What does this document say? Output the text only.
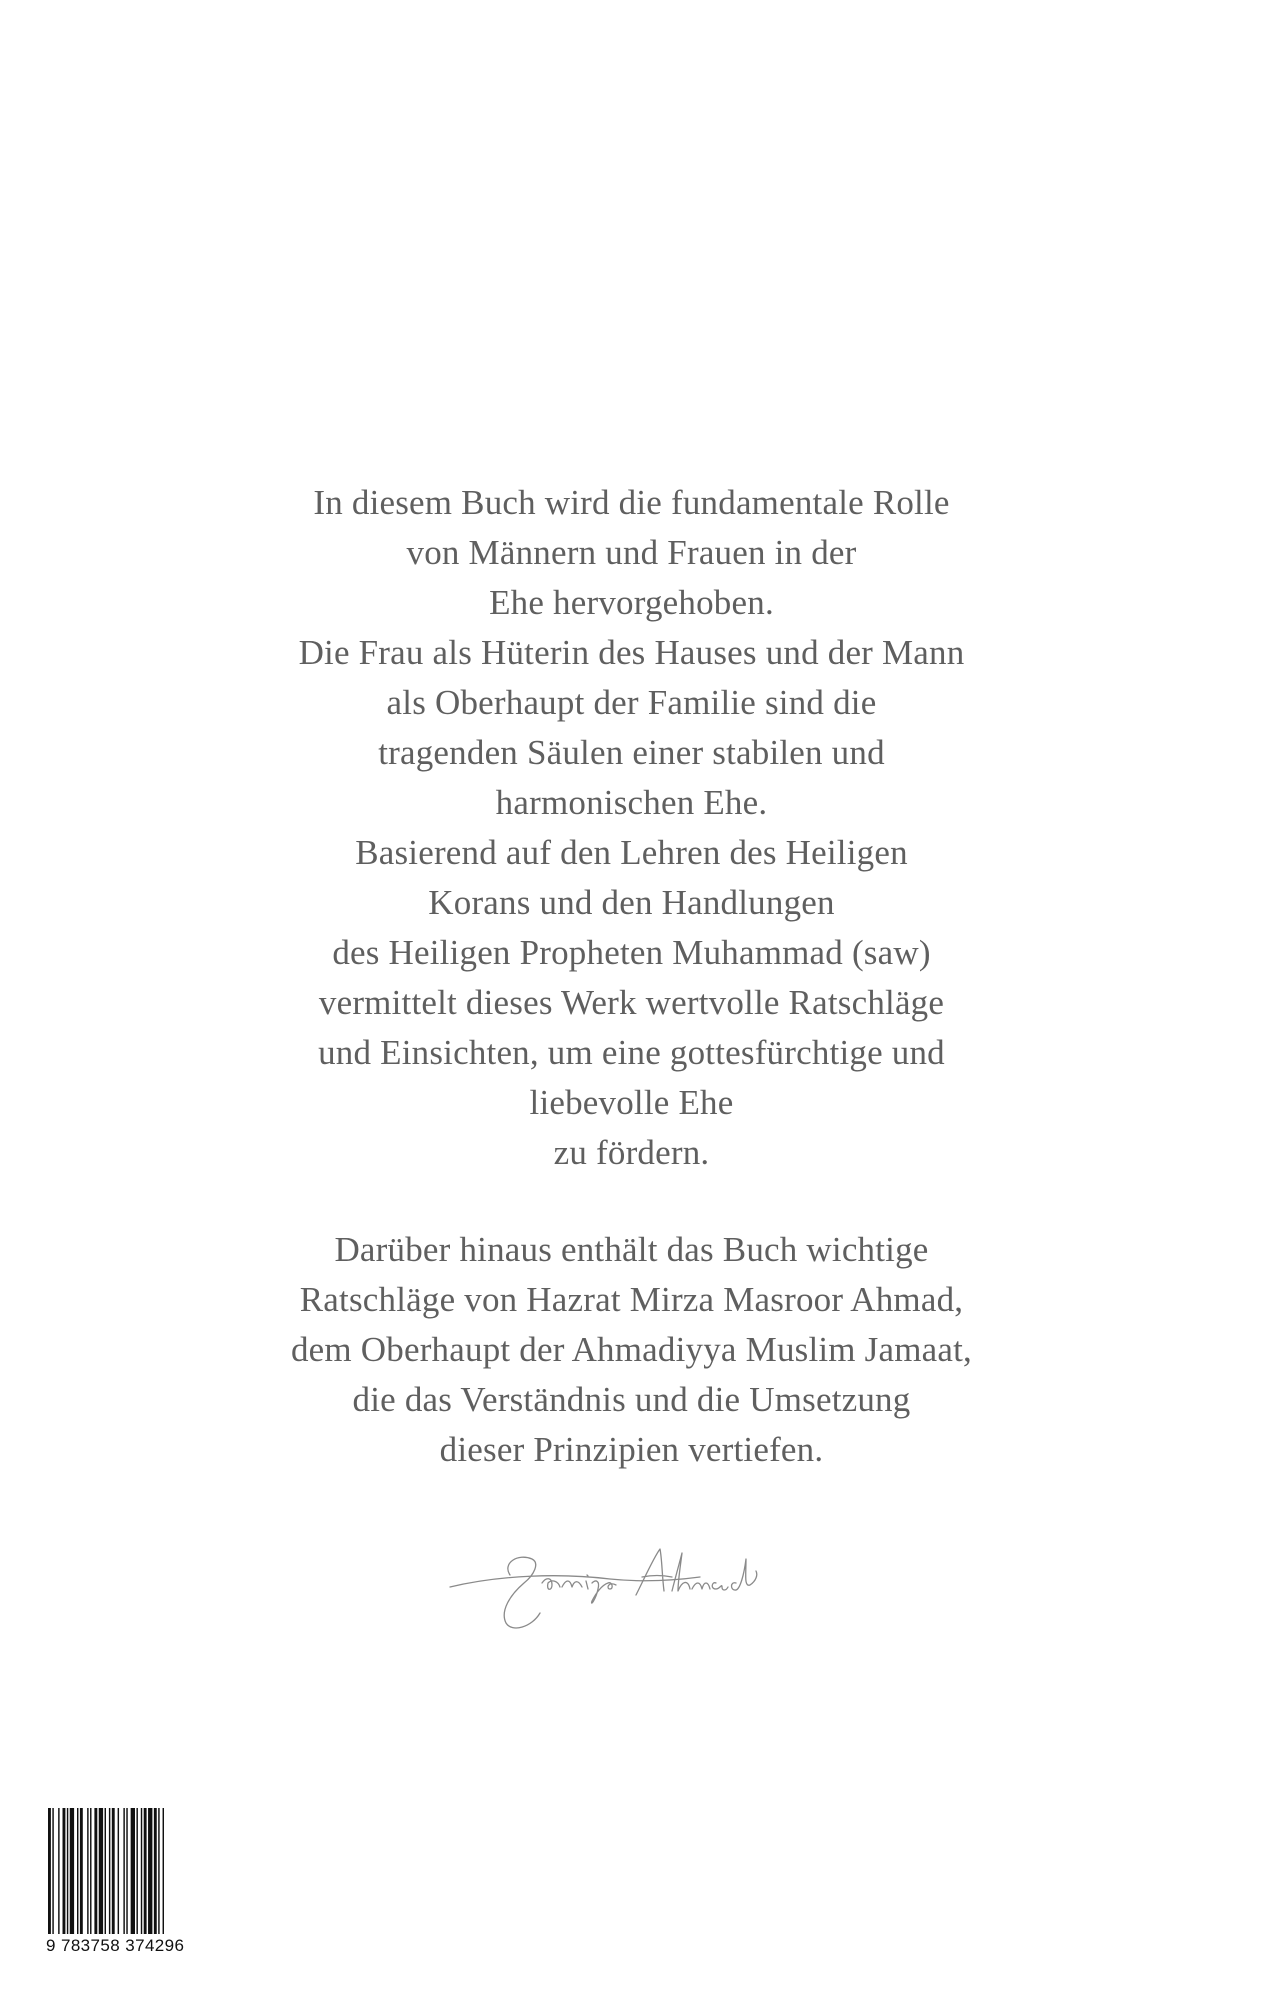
In diesem Buch wird die fundamentale Rolle
von Männern und Frauen in der
Ehe hervorgehoben.
Die Frau als Hüterin des Hauses und der Mann
als Oberhaupt der Familie sind die
tragenden Säulen einer stabilen und
harmonischen Ehe.
Basierend auf den Lehren des Heiligen
Korans und den Handlungen
des Heiligen Propheten Muhammad (saw)
vermittelt dieses Werk wertvolle Ratschläge
und Einsichten, um eine gottesfürchtige und
liebevolle Ehe
zu fördern.
Darüber hinaus enthält das Buch wichtige
Ratschläge von Hazrat Mirza Masroor Ahmad,
dem Oberhaupt der Ahmadiyya Muslim Jamaat,
die das Verständnis und die Umsetzung
dieser Prinzipien vertiefen.
9 783758 374296
